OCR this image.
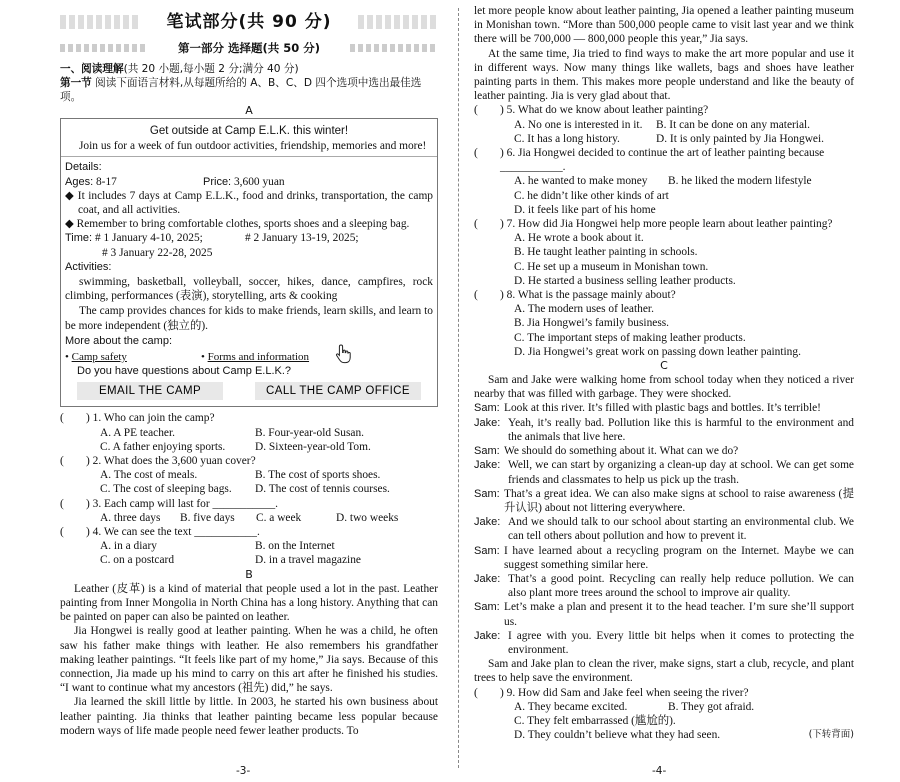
笔试部分(共 90 分)
第一部分 选择题(共 50 分)
一、阅读理解(共 20 小题,每小题 2 分;满分 40 分)
第一节 阅读下面语言材料,从每题所给的 A、B、C、D 四个选项中选出最佳选项。
A
Get outside at Camp E.L.K. this winter!

Join us for a week of fun outdoor activities, friendship, memories and more!

Details:
Ages: 8-17	Price: 3,600 yuan
◆ It includes 7 days at Camp E.L.K., food and drinks, transportation, the camp coat, and all activities.
◆ Remember to bring comfortable clothes, sports shoes and a sleeping bag.
Time: # 1 January 4-10, 2025;	# 2 January 13-19, 2025;
# 3 January 22-28, 2025
Activities:

swimming, basketball, volleyball, soccer, hikes, dance, campfires, rock climbing, performances (表演), storytelling, arts & cooking

The camp provides chances for kids to make friends, learn skills, and learn to be more independent (独立的).

More about the camp:
• Camp safety	• Forms and information
Do you have questions about Camp E.L.K.?
EMAIL THE CAMP	CALL THE CAMP OFFICE
(	) 1. Who can join the camp?
A. A PE teacher.	B. Four-year-old Susan.
C. A father enjoying sports.	D. Sixteen-year-old Tom.
(	) 2. What does the 3,600 yuan cover?
A. The cost of meals.	B. The cost of sports shoes.
C. The cost of sleeping bags.	D. The cost of tennis courses.
(	) 3. Each camp will last for ___________.
A. three days	B. five days	C. a week	D. two weeks
(	) 4. We can see the text ___________.
A. in a diary	B. on the Internet
C. on a postcard	D. in a travel magazine
B

Leather (皮革) is a kind of material that people used a lot in the past. Leather painting from Inner Mongolia in North China has a long history. Anything that can be painted on paper can also be painted on leather.

Jia Hongwei is really good at leather painting. When he was a child, he often saw his father make things with leather. He also remembers his grandfather making leather paintings. “It feels like part of my home,” Jia says. Because of this connection, Jia made up his mind to carry on this art after he finished his studies. “I want to continue what my ancestors (祖先) did,” he says.

Jia learned the skill little by little. In 2003, he started his own business about leather painting. Jia thinks that leather painting became less popular because modern ways of life made people need fewer leather products. To

-3-

let more people know about leather painting, Jia opened a leather painting museum in Monishan town. “More than 500,000 people came to visit last year and we think there will be 700,000 — 800,000 people this year,” Jia says.

At the same time, Jia tried to find ways to make the art more popular and use it in different ways. Now many things like wallets, bags and shoes have leather painting parts in them. This makes more people understand and like the beauty of leather painting. Jia is very glad about that.

(	) 5. What do we know about leather painting?
A. No one is interested in it.	B. It can be done on any material.
C. It has a long history.	D. It is only painted by Jia Hongwei.
(	) 6. Jia Hongwei decided to continue the art of leather painting because ___________.
A. he wanted to make money	B. he liked the modern lifestyle
C. he didn’t like other kinds of art
D. it feels like part of his home
(	) 7. How did Jia Hongwei help more people learn about leather painting?
A. He wrote a book about it.
B. He taught leather painting in schools.
C. He set up a museum in Monishan town.
D. He started a business selling leather products.
(	) 8. What is the passage mainly about?
A. The modern uses of leather.
B. Jia Hongwei’s family business.
C. The important steps of making leather products.
D. Jia Hongwei’s great work on passing down leather painting.
C

Sam and Jake were walking home from school today when they noticed a river nearby that was filled with garbage. They were shocked.

Sam: Look at this river. It’s filled with plastic bags and bottles. It’s terrible!
Jake: Yeah, it’s really bad. Pollution like this is harmful to the environment and the animals that live here.
Sam: We should do something about it. What can we do?
Jake: Well, we can start by organizing a clean-up day at school. We can get some friends and classmates to help us pick up the trash.
Sam: That’s a great idea. We can also make signs at school to raise awareness (提升认识) about not littering everywhere.
Jake: And we should talk to our school about starting an environmental club. We can tell others about pollution and how to prevent it.
Sam: I have learned about a recycling program on the Internet. Maybe we can suggest something similar here.
Jake: That’s a good point. Recycling can really help reduce pollution. We can also plant more trees around the school to improve air quality.
Sam: Let’s make a plan and present it to the head teacher. I’m sure she’ll support us.
Jake: I agree with you. Every little bit helps when it comes to protecting the environment.

Sam and Jake plan to clean the river, make signs, start a club, recycle, and plant trees to help save the environment.

(	) 9. How did Sam and Jake feel when seeing the river?
A. They became excited.	B. They got afraid.
C. They felt embarrassed (尴尬的).
D. They couldn’t believe what they had seen.	(下转背面)
-4-
